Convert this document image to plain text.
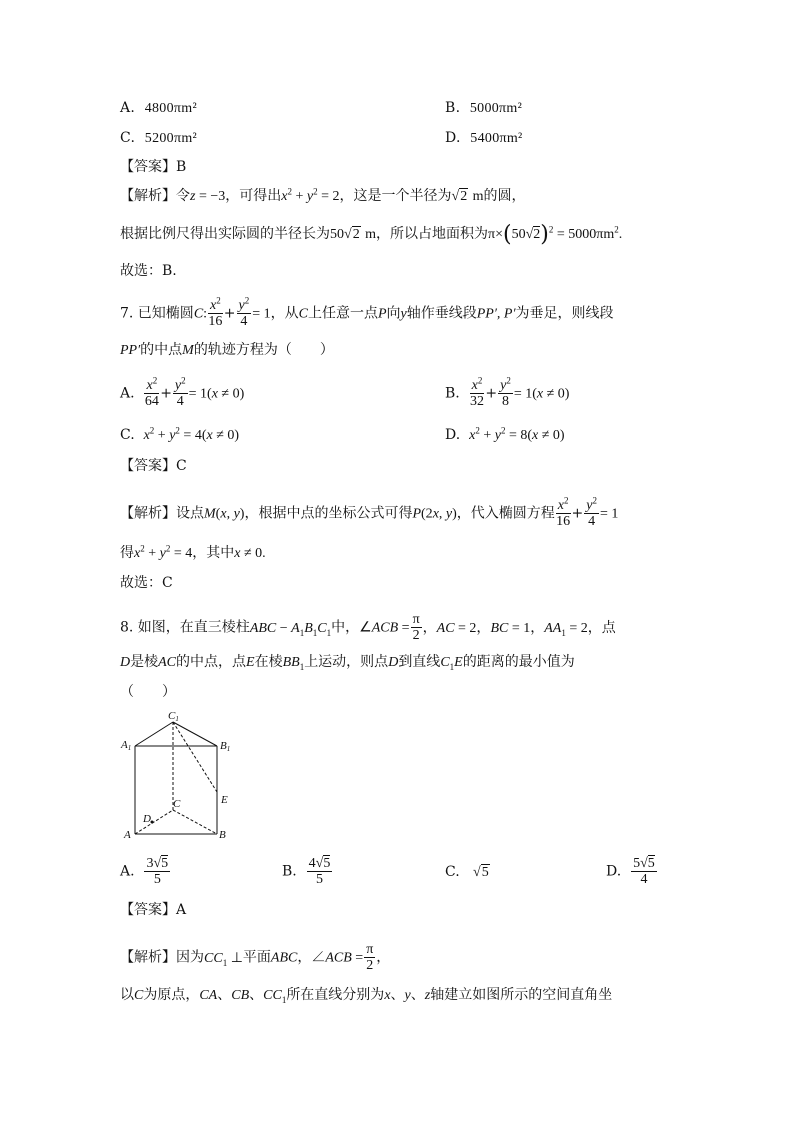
A. 4800πm²	B. 5000πm²
C. 5200πm²	D. 5400πm²
【答案】B
【解析】令z = −3，可得出$x^2 + y^2 = 2$，这是一个半径为√2 m的圆，
根据比例尺得出实际圆的半径长为50√2 m，所以占地面积为$\pi\times(50√2)^2 = 5000\pi m^2$.
故选：B.
7. 已知椭圆C: $\frac{x^2}{16} + \frac{y^2}{4} = 1$，从C上任意一点P向y轴作垂线段PP′, P′为垂足，则线段
PP′的中点M的轨迹方程为（　　）
A. $\frac{x^2}{64} + \frac{y^2}{4} = 1(x \ne 0)$	B. $\frac{x^2}{32} + \frac{y^2}{8} = 1(x \ne 0)$
C. $x^2 + y^2 = 4(x \ne 0)$	D. $x^2 + y^2 = 8(x \ne 0)$
【答案】C
【解析】设点M(x, y)，根据中点的坐标公式可得P(2x, y)，代入椭圆方程 $\frac{x^2}{16} + \frac{y^2}{4} = 1$
得$x^2 + y^2 = 4$，其中x ≠ 0.
故选：C
8. 如图，在直三棱柱ABC − $A_1B_1C_1$中，∠ACB = $\frac{\pi}{2}$ ，AC = 2，BC = 1，$AA_1 = 2$，点
D是棱AC的中点，点E在棱$BB_1$上运动，则点D到直线$C_1E$的距离的最小值为
（　　）
C1
A1	B1
E
C
D
A	B
A. $\frac{3√5}{5}$	B. $\frac{4√5}{5}$	C. √5	D. $\frac{5√5}{4}$
【答案】A
【解析】因为$CC_1$ ⊥平面ABC，∠ACB = $\frac{\pi}{2}$ ，
以C为原点，CA、CB、$CC_1$所在直线分别为x、y、z轴建立如图所示的空间直角坐
